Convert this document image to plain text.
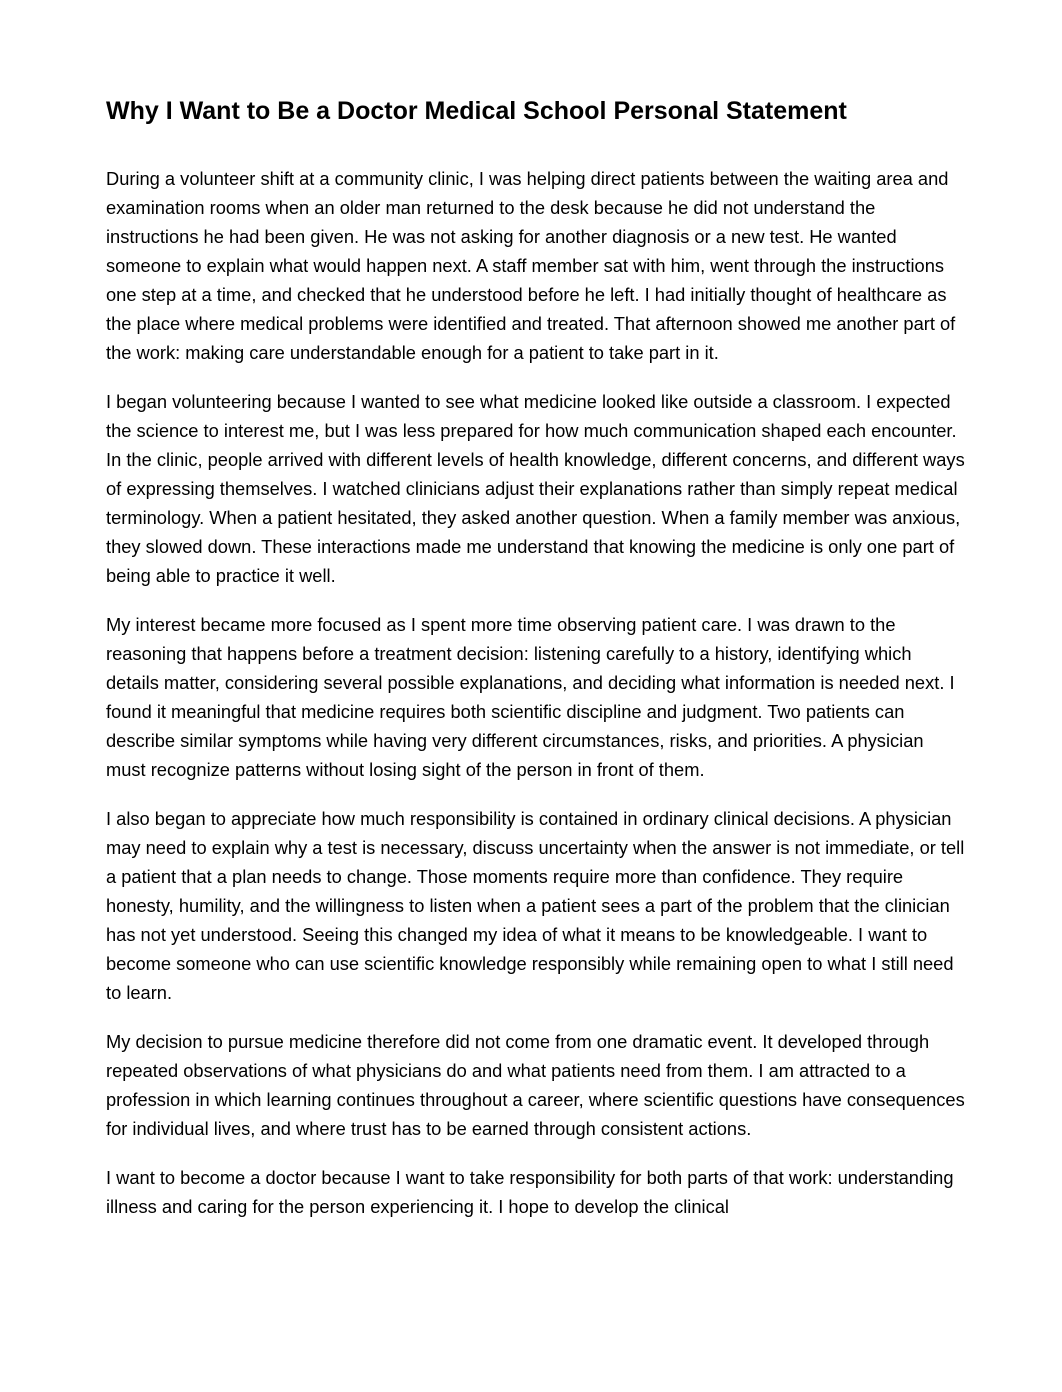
Why I Want to Be a Doctor Medical School Personal Statement

During a volunteer shift at a community clinic, I was helping direct patients between the waiting area and examination rooms when an older man returned to the desk because he did not understand the instructions he had been given. He was not asking for another diagnosis or a new test. He wanted someone to explain what would happen next. A staff member sat with him, went through the instructions one step at a time, and checked that he understood before he left. I had initially thought of healthcare as the place where medical problems were identified and treated. That afternoon showed me another part of the work: making care understandable enough for a patient to take part in it.

I began volunteering because I wanted to see what medicine looked like outside a classroom. I expected the science to interest me, but I was less prepared for how much communication shaped each encounter. In the clinic, people arrived with different levels of health knowledge, different concerns, and different ways of expressing themselves. I watched clinicians adjust their explanations rather than simply repeat medical terminology. When a patient hesitated, they asked another question. When a family member was anxious, they slowed down. These interactions made me understand that knowing the medicine is only one part of being able to practice it well.

My interest became more focused as I spent more time observing patient care. I was drawn to the reasoning that happens before a treatment decision: listening carefully to a history, identifying which details matter, considering several possible explanations, and deciding what information is needed next. I found it meaningful that medicine requires both scientific discipline and judgment. Two patients can describe similar symptoms while having very different circumstances, risks, and priorities. A physician must recognize patterns without losing sight of the person in front of them.

I also began to appreciate how much responsibility is contained in ordinary clinical decisions. A physician may need to explain why a test is necessary, discuss uncertainty when the answer is not immediate, or tell a patient that a plan needs to change. Those moments require more than confidence. They require honesty, humility, and the willingness to listen when a patient sees a part of the problem that the clinician has not yet understood. Seeing this changed my idea of what it means to be knowledgeable. I want to become someone who can use scientific knowledge responsibly while remaining open to what I still need to learn.

My decision to pursue medicine therefore did not come from one dramatic event. It developed through repeated observations of what physicians do and what patients need from them. I am attracted to a profession in which learning continues throughout a career, where scientific questions have consequences for individual lives, and where trust has to be earned through consistent actions.

I want to become a doctor because I want to take responsibility for both parts of that work: understanding illness and caring for the person experiencing it. I hope to develop the clinical
